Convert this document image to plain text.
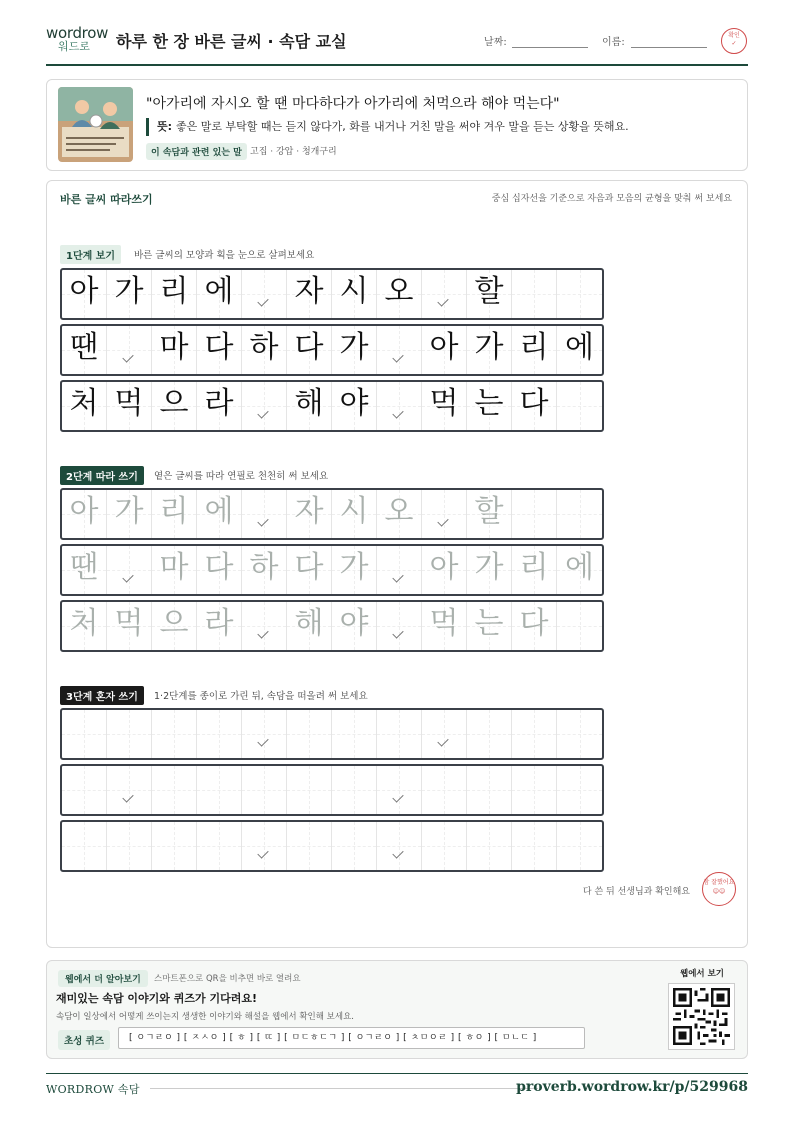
wordrow
워드로	하루 한 장 바른 글씨 · 속담 교실	날짜:	이름:
확인
✓
"아가리에 자시오 할 땐 마다하다가 아가리에 처먹으라 해야 먹는다"
뜻: 좋은 말로 부탁할 때는 듣지 않다가, 화를 내거나 거친 말을 써야 겨우 말을 듣는 상황을 뜻해요.
이 속담과 관련 있는 말 고집 · 강압 · 청개구리
바른 글씨 따라쓰기	중심 십자선을 기준으로 자음과 모음의 균형을 맞춰 써 보세요
1단계 보기	바른 글씨의 모양과 획을 눈으로 살펴보세요
아 가 리 에 자 시 오 할
땐 마 다 하 다 가 아 가 리 에
처 먹 으 라 해 야 먹 는 다
2단계 따라 쓰기	옅은 글씨를 따라 연필로 천천히 써 보세요
아 가 리 에 자 시 오 할
땐 마 다 하 다 가 아 가 리 에
처 먹 으 라 해 야 먹 는 다
3단계 혼자 쓰기	1·2단계를 종이로 가린 뒤, 속담을 떠올려 써 보세요
다 쓴 뒤 선생님과 확인해요
참 잘했어요
☺☺
웹에서 더 알아보기	스마트폰으로 QR을 비추면 바로 열려요
재미있는 속담 이야기와 퀴즈가 기다려요!
속담이 일상에서 어떻게 쓰이는지 생생한 이야기와 해설을 웹에서 확인해 보세요.
초성 퀴즈	[ ㅇㄱㄹㅇ ] [ ㅈㅅㅇ ] [ ㅎ ] [ ㄸ ] [ ㅁㄷㅎㄷㄱ ] [ ㅇㄱㄹㅇ ] [ ㅊㅁㅇㄹ ] [ ㅎㅇ ] [ ㅁㄴㄷ ]
웹에서 보기
WORDROW 속담	proverb.wordrow.kr/p/529968
